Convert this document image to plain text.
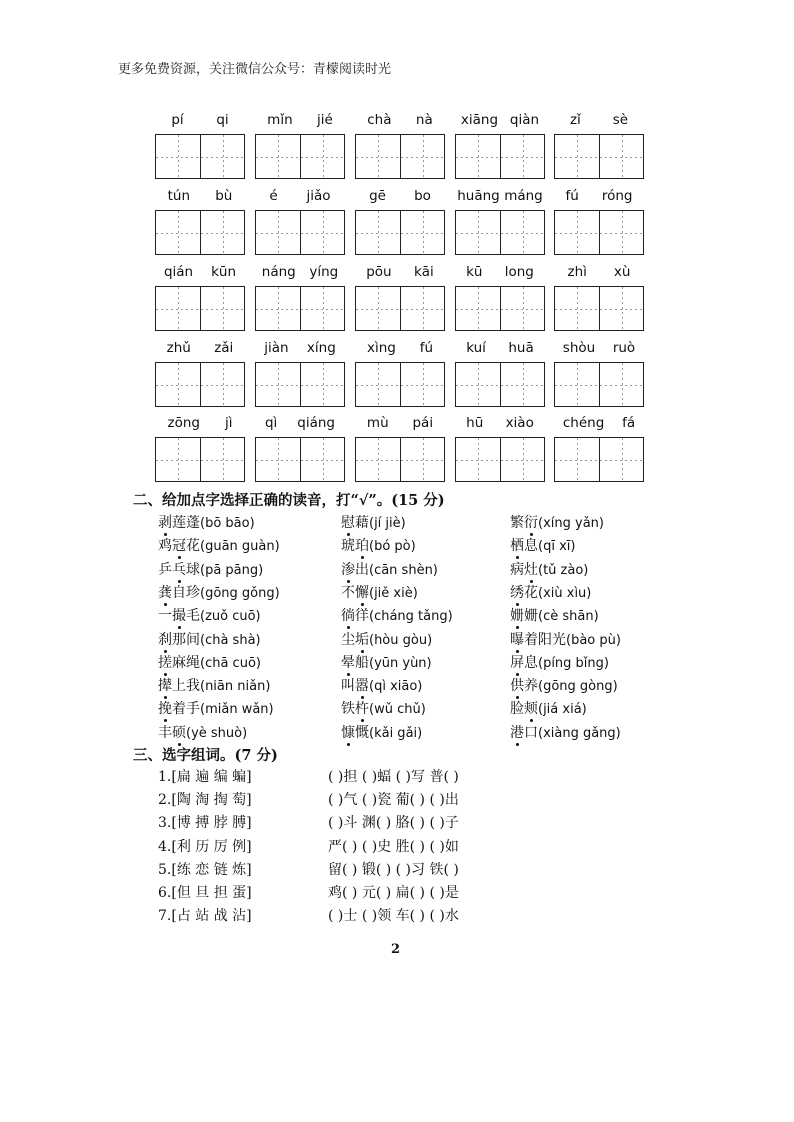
更多免费资源，关注微信公众号：青檬阅读时光
pí qi	mǐn jié	chà nà xiāng qiàn zǐ sè
tún bù	é jiǎo	gē bo huāng máng fú róng
qián kūn náng yíng pōu kāi kū long zhì xù
zhǔ zǎi jiàn xíng xìng fú kuí huā shòu ruò
zōng jì qì qiáng mù pái hū xiào chéng fá
二、给加点字选择正确的读音，打“√”。(15 分)
剥莲蓬(bō bāo)	慰藉(jí jiè)	繁衍(xíng yǎn)
鸡冠花(guān guàn)	琥珀(bó pò)	栖息(qī xī)
乒乓球(pā pāng)	渗出(cān shèn)	病灶(tǔ zào)
龚自珍(gōng gǒng)	不懈(jiě xiè)	绣花(xiù xìu)
一撮毛(zuǒ cuō)	徜徉(cháng tǎng)	姗姗(cè shān)
刹那间(chà shà)	尘垢(hòu gòu)	曝着阳光(bào pù)
搓麻绳(chā cuō)	晕船(yūn yùn)	屏息(píng bǐng)
撵上我(niān niǎn)	叫嚣(qì xiāo)	供养(gōng gòng)
挽着手(miǎn wǎn)	铁杵(wǔ chǔ)	脸颊(jiá xiá)
丰硕(yè shuò)	慷慨(kǎi gǎi)	港口(xiàng gǎng)
三、选字组词。(7 分)
1.[扁 遍 编 蝙]	( )担 ( )蝠 ( )写 普( )
2.[陶 淘 掏 萄]	( )气 ( )瓷 葡( ) ( )出
3.[博 搏 脖 膊]	( )斗 渊( ) 胳( ) ( )子
4.[利 历 厉 例]	严( ) ( )史 胜( ) ( )如
5.[练 恋 链 炼]	留( ) 锻( ) ( )习 铁( )
6.[但 旦 担 蛋]	鸡( ) 元( ) 扁( ) ( )是
7.[占 站 战 沾]	( )士 ( )领 车( ) ( )水
2
